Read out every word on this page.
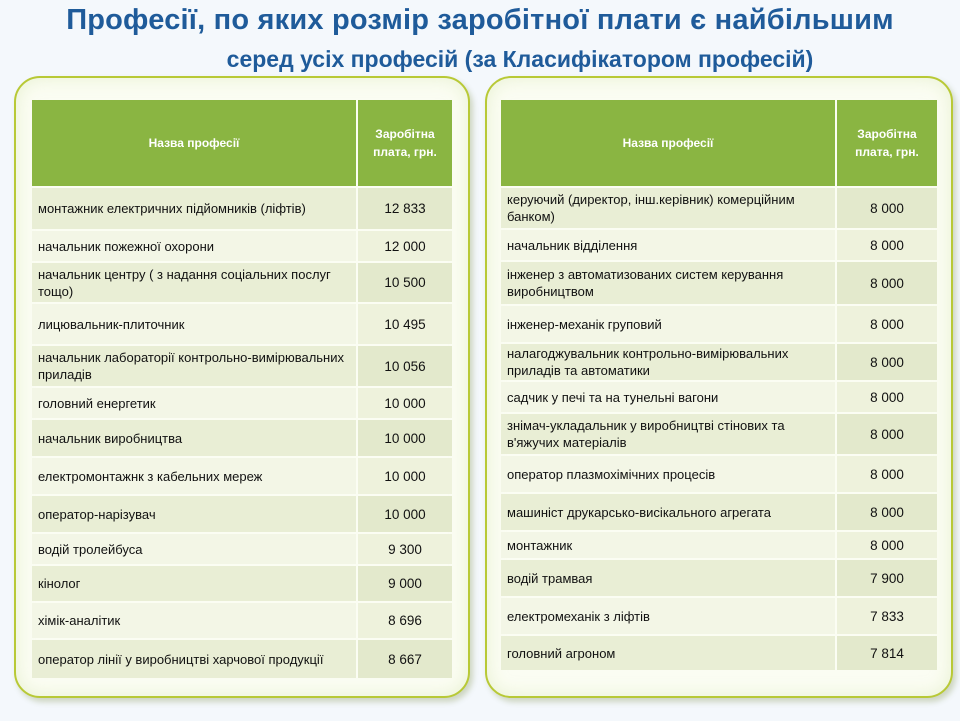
Професії, по яких розмір заробітної плати є найбільшим
серед усіх професій (за Класифікатором професій)
Назва професії	Заробітна плата, грн.
монтажник електричних підйомників (ліфтів)	12 833
начальник пожежної охорони	12 000
начальник центру ( з надання соціальних послуг тощо)	10 500
лицювальник-плиточник	10 495
начальник лабораторії контрольно-вимірювальних приладів	10 056
головний енергетик	10 000
начальник виробництва	10 000
електромонтажнк з кабельних мереж	10 000
оператор-нарізувач	10 000
водій тролейбуса	9 300
кінолог	9 000
хімік-аналітик	8 696
оператор лінії у виробництві харчової продукції	8 667
Назва професії	Заробітна плата, грн.
керуючий (директор, інш.керівник) комерційним банком)	8 000
начальник відділення	8 000
інженер з автоматизованих систем керування виробництвом	8 000
інженер-механік груповий	8 000
налагоджувальник контрольно-вимірювальних приладів та автоматики	8 000
садчик у печі та на тунельні вагони	8 000
знімач-укладальник у виробництві стінових та в'яжучих матеріалів	8 000
оператор плазмохімічних процесів	8 000
машиніст друкарсько-висікального агрегата	8 000
монтажник	8 000
водій трамвая	7 900
електромеханік з ліфтів	7 833
головний агроном	7 814
